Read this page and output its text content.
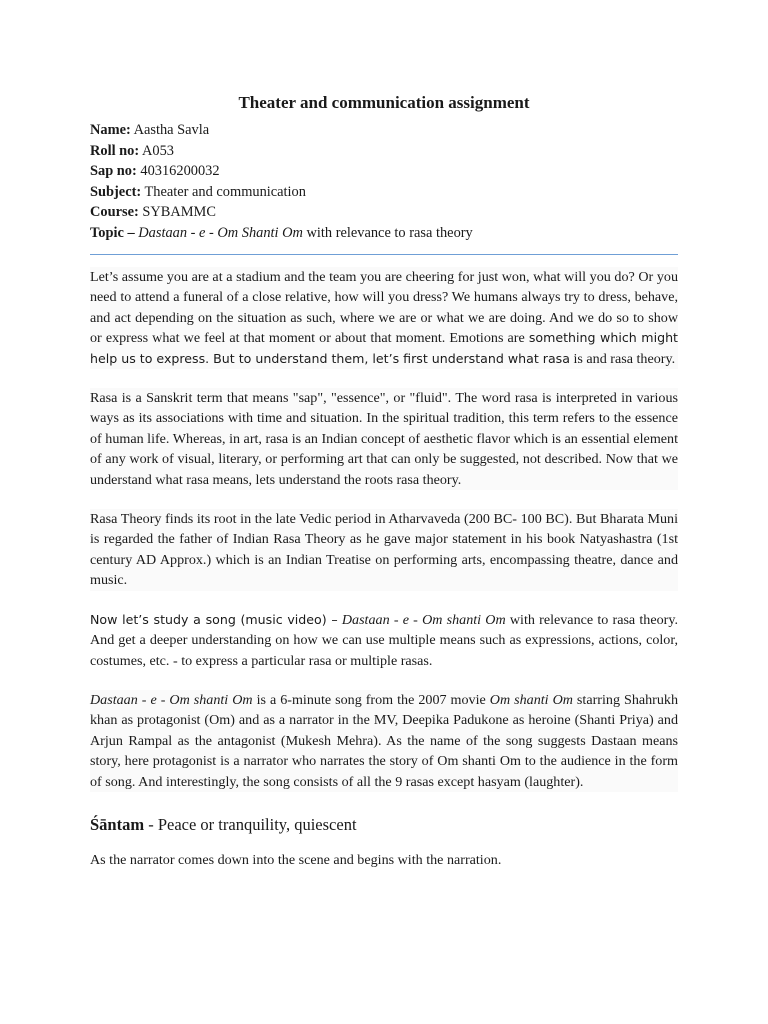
Theater and communication assignment
Name: Aastha Savla
Roll no: A053
Sap no: 40316200032
Subject: Theater and communication
Course: SYBAMMC
Topic – Dastaan - e - Om Shanti Om with relevance to rasa theory

Let’s assume you are at a stadium and the team you are cheering for just won, what will you do? Or you need to attend a funeral of a close relative, how will you dress? We humans always try to dress, behave, and act depending on the situation as such, where we are or what we are doing. And we do so to show or express what we feel at that moment or about that moment. Emotions are something which might help us to express. But to understand them, let’s first understand what rasa is and rasa theory.

Rasa is a Sanskrit term that means "sap", "essence", or "fluid". The word rasa is interpreted in various ways as its associations with time and situation. In the spiritual tradition, this term refers to the essence of human life. Whereas, in art, rasa is an Indian concept of aesthetic flavor which is an essential element of any work of visual, literary, or performing art that can only be suggested, not described. Now that we understand what rasa means, lets understand the roots rasa theory.

Rasa Theory finds its root in the late Vedic period in Atharvaveda (200 BC- 100 BC). But Bharata Muni is regarded the father of Indian Rasa Theory as he gave major statement in his book Natyashastra (1st century AD Approx.) which is an Indian Treatise on performing arts, encompassing theatre, dance and music.

Now let’s study a song (music video) – Dastaan - e - Om shanti Om with relevance to rasa theory. And get a deeper understanding on how we can use multiple means such as expressions, actions, color, costumes, etc. - to express a particular rasa or multiple rasas.

Dastaan - e - Om shanti Om is a 6-minute song from the 2007 movie Om shanti Om starring Shahrukh khan as protagonist (Om) and as a narrator in the MV, Deepika Padukone as heroine (Shanti Priya) and Arjun Rampal as the antagonist (Mukesh Mehra). As the name of the song suggests Dastaan means story, here protagonist is a narrator who narrates the story of Om shanti Om to the audience in the form of song. And interestingly, the song consists of all the 9 rasas except hasyam (laughter).

Śāntam - Peace or tranquility, quiescent

As the narrator comes down into the scene and begins with the narration.
